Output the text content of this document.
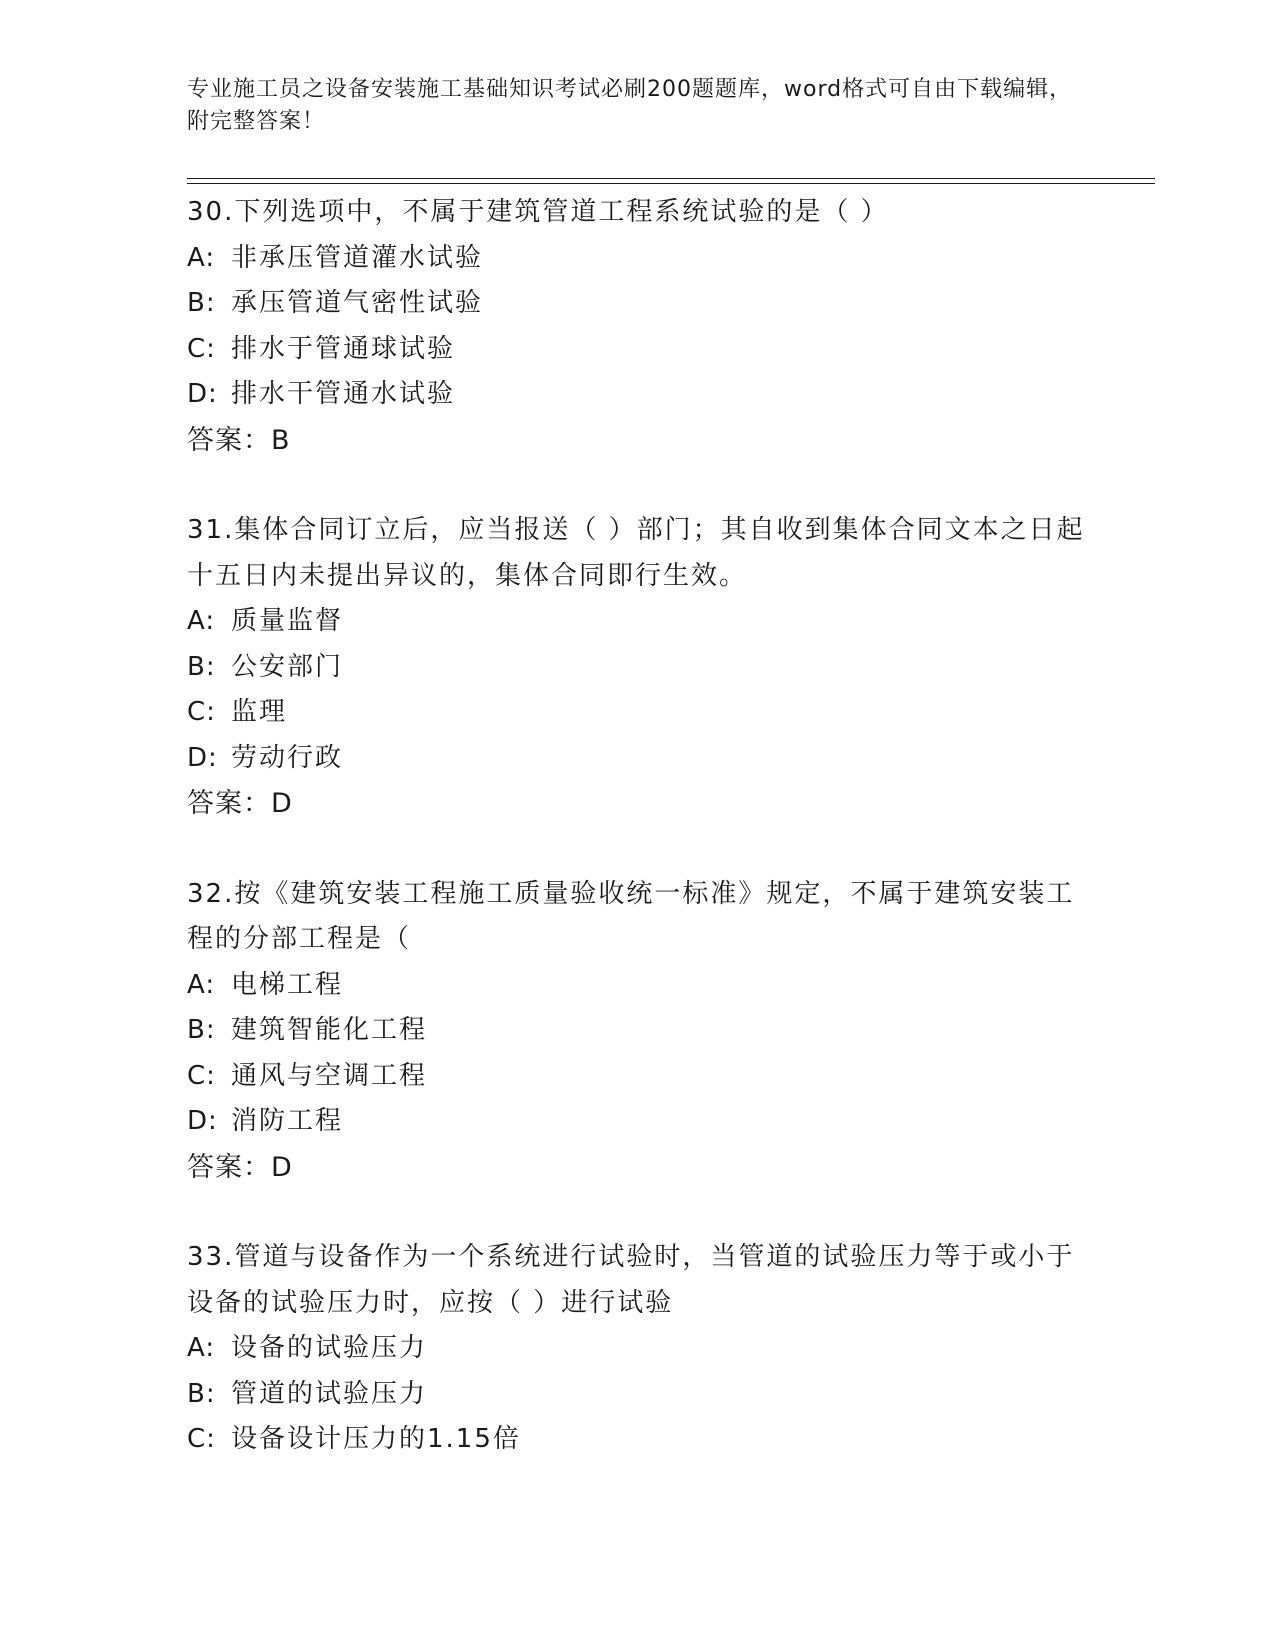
专业施工员之设备安装施工基础知识考试必刷200题题库，word格式可自由下载编辑，附完整答案！
30.下列选项中，不属于建筑管道工程系统试验的是（ ）
A: 非承压管道灌水试验
B: 承压管道气密性试验
C: 排水于管通球试验
D: 排水干管通水试验
答案：B
31.集体合同订立后，应当报送（ ）部门；其自收到集体合同文本之日起十五日内未提出异议的，集体合同即行生效。
A: 质量监督
B: 公安部门
C: 监理
D: 劳动行政
答案：D
32.按《建筑安装工程施工质量验收统一标准》规定，不属于建筑安装工程的分部工程是（
A: 电梯工程
B: 建筑智能化工程
C: 通风与空调工程
D: 消防工程
答案：D
33.管道与设备作为一个系统进行试验时，当管道的试验压力等于或小于设备的试验压力时，应按（ ）进行试验
A: 设备的试验压力
B: 管道的试验压力
C: 设备设计压力的1.15倍
